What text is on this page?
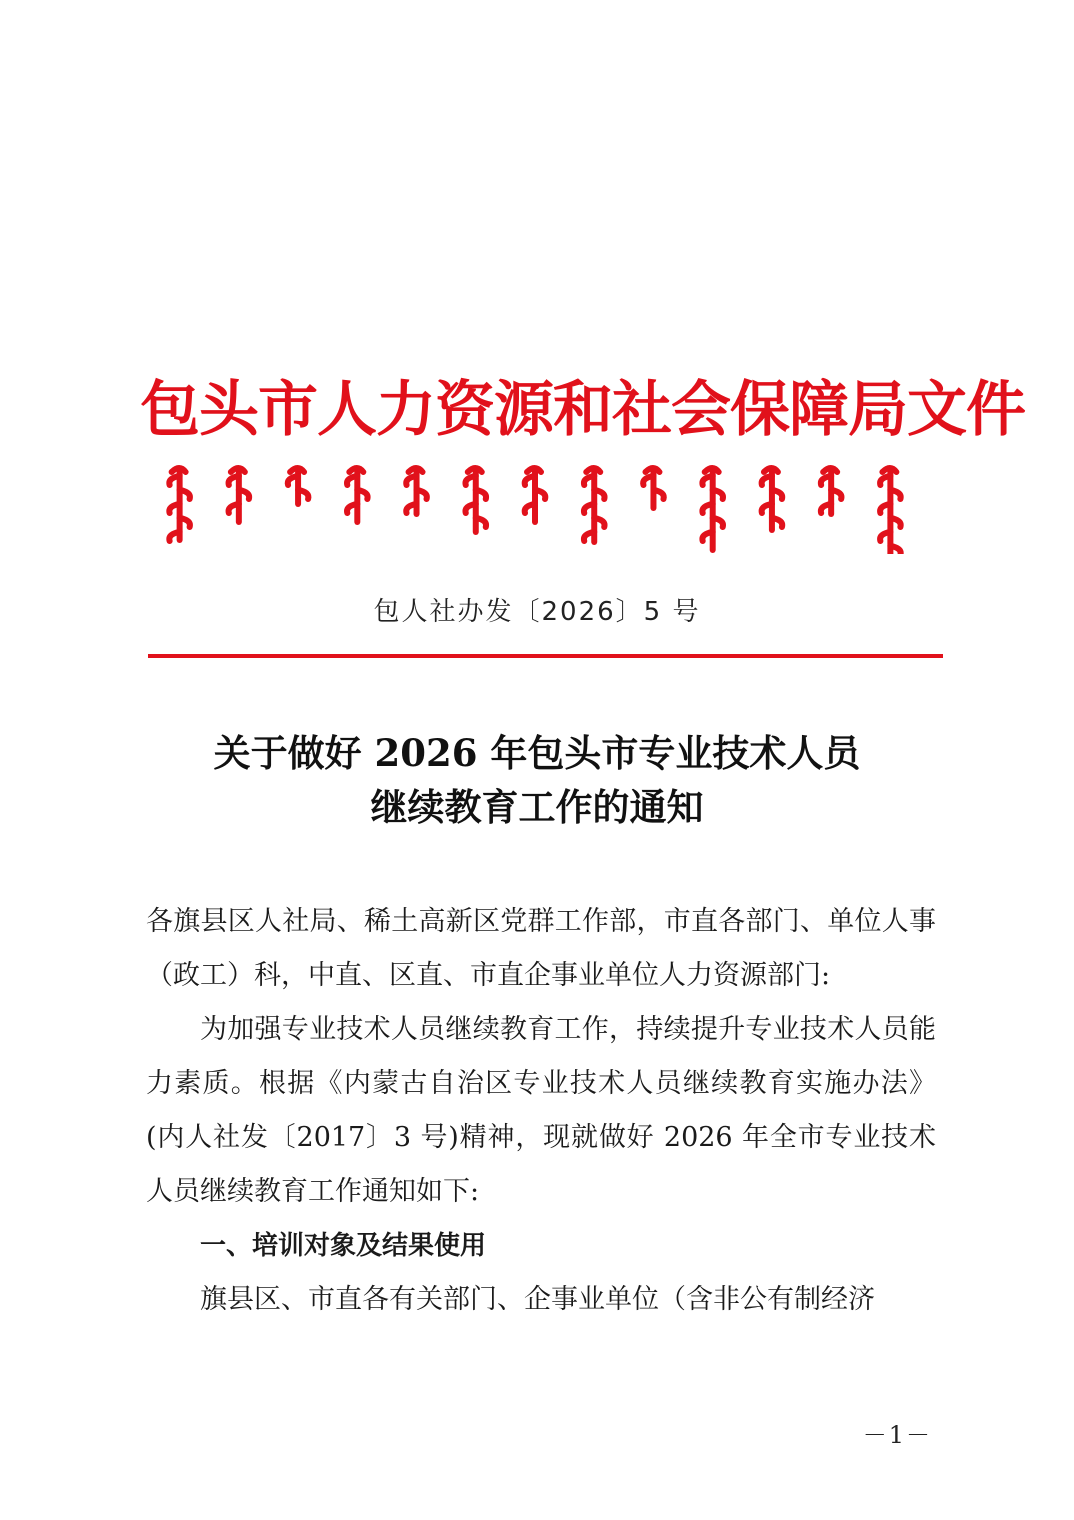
包头市人力资源和社会保障局文件
包人社办发〔2026〕5 号
关于做好 2026 年包头市专业技术人员
继续教育工作的通知

各旗县区人社局、稀土高新区党群工作部，市直各部门、单位人事（政工）科，中直、区直、市直企事业单位人力资源部门:

为加强专业技术人员继续教育工作，持续提升专业技术人员能力素质。根据《内蒙古自治区专业技术人员继续教育实施办法》(内人社发〔2017〕3 号)精神，现就做好 2026 年全市专业技术人员继续教育工作通知如下:

一、培训对象及结果使用

旗县区、市直各有关部门、企事业单位（含非公有制经济

－1－
